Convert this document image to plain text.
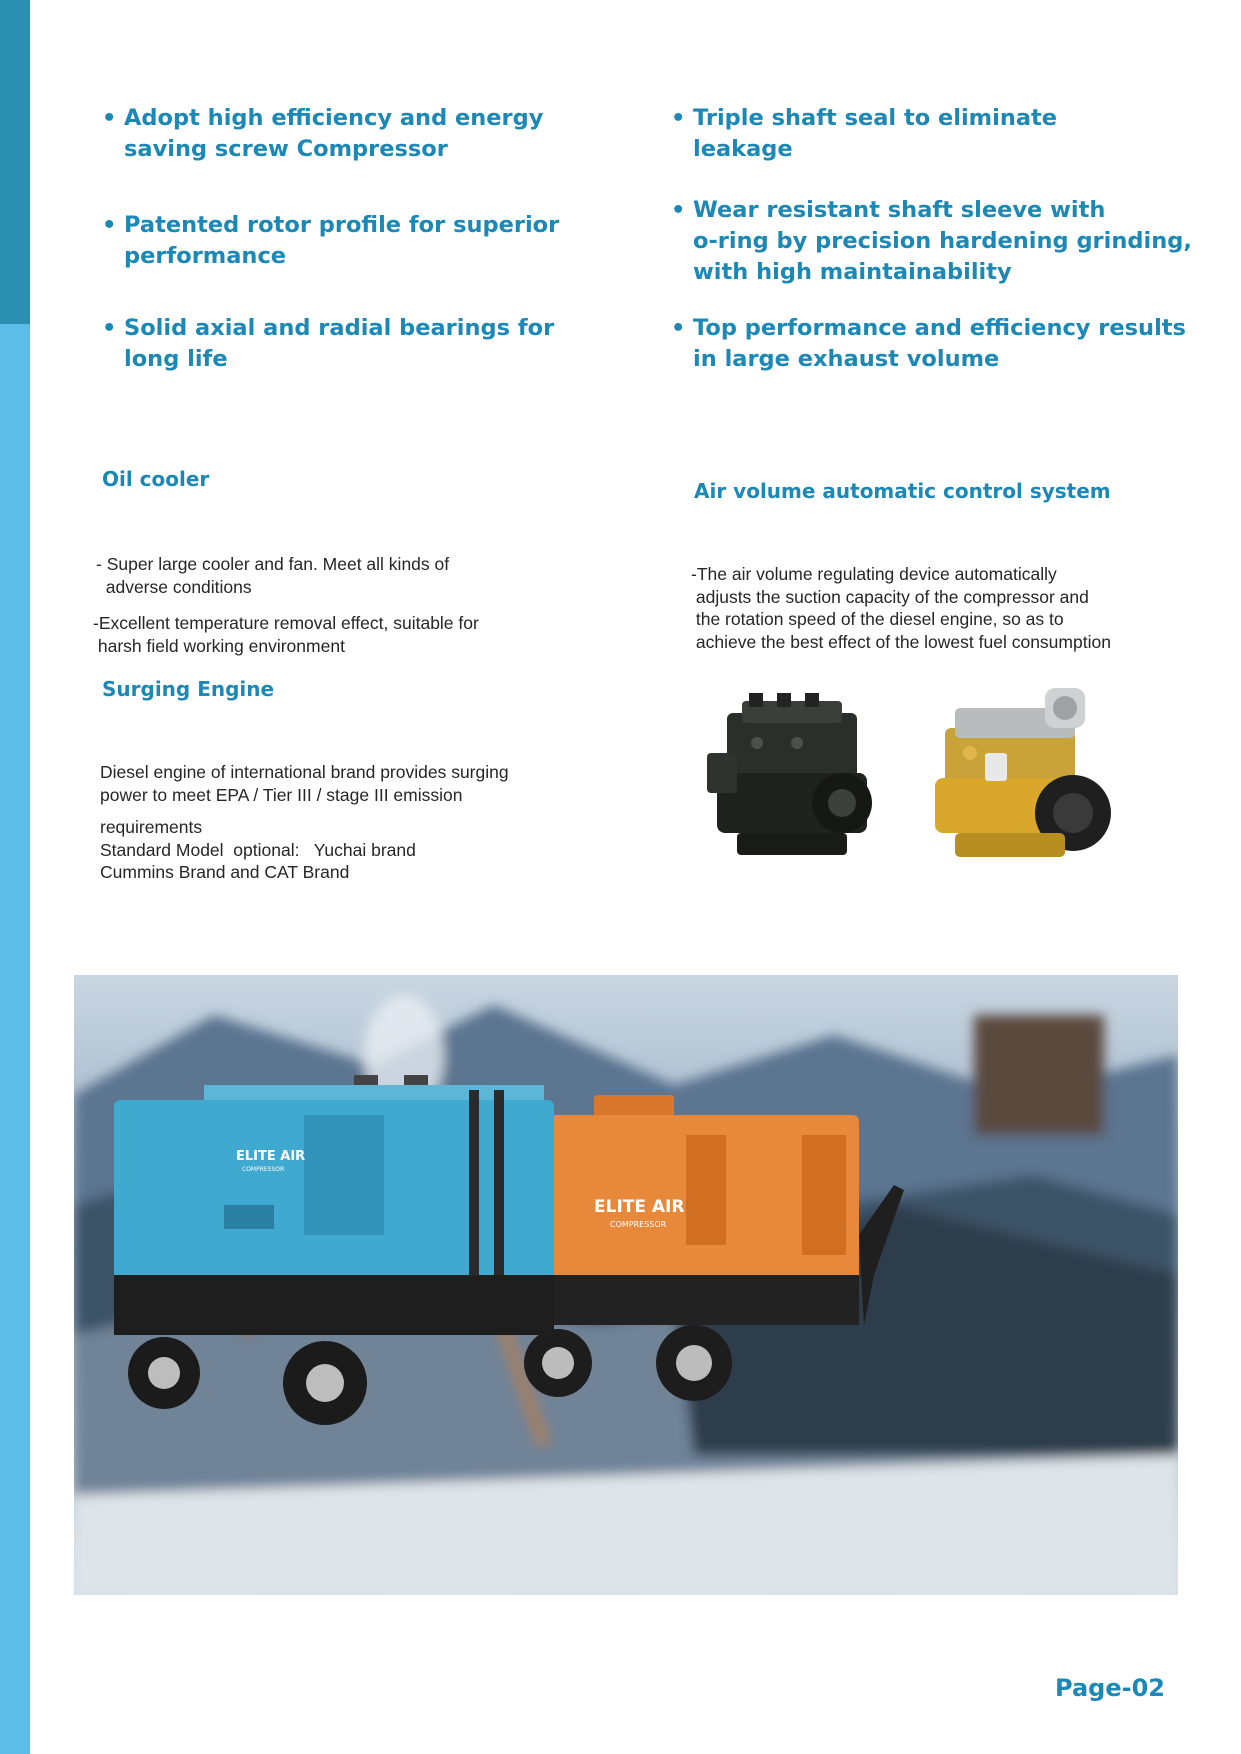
• Adopt high efficiency and energy
saving screw Compressor
• Patented rotor profile for superior
performance
• Solid axial and radial bearings for
long life
• Triple shaft seal to eliminate
leakage
• Wear resistant shaft sleeve with
o-ring by precision hardening grinding,
with high maintainability
• Top performance and efficiency results
in large exhaust volume
Oil cooler

- Super large cooler and fan. Meet all kinds of
adverse conditions

-Excellent temperature removal effect, suitable for
harsh field working environment

Air volume automatic control system

-The air volume regulating device automatically
adjusts the suction capacity of the compressor and
the rotation speed of the diesel engine, so as to
achieve the best effect of the lowest fuel consumption

Surging Engine

Diesel engine of international brand provides surging
power to meet EPA / Tier III / stage III emission

requirements
Standard Model  optional:   Yuchai brand
Cummins Brand and CAT Brand

ELITE AIR
COMPRESSOR
ELITE AIR
COMPRESSOR
Page-02
